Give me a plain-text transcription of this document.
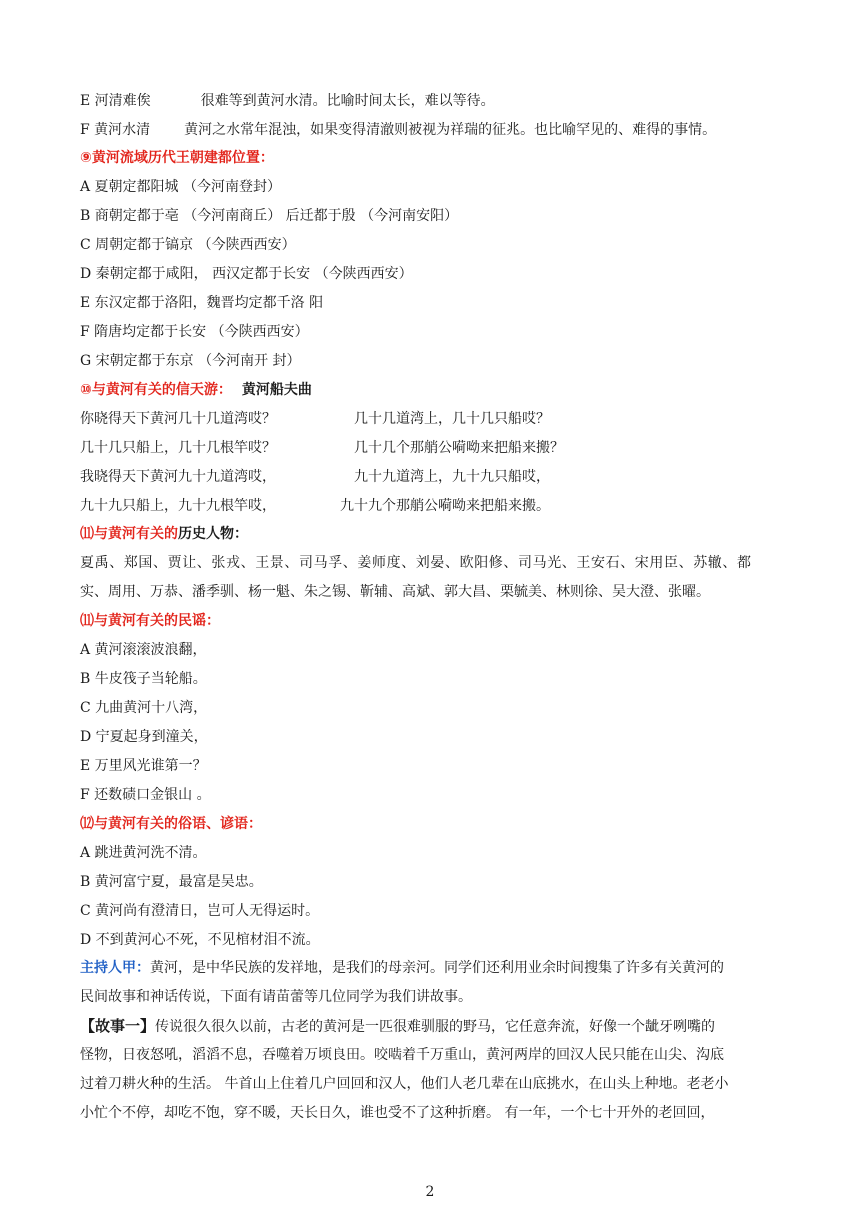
E 河清难俟	很难等到黄河水清。比喻时间太长，难以等待。
F 黄河水清 黄河之水常年混浊，如果变得清澈则被视为祥瑞的征兆。也比喻罕见的、难得的事情。
⑨黄河流域历代王朝建都位置：
A 夏朝定都阳城 （今河南登封）
B 商朝定都于亳 （今河南商丘） 后迁都于殷 （今河南安阳）
C 周朝定都于镐京 （今陕西西安）
D 秦朝定都于咸阳， 西汉定都于长安 （今陕西西安）
E 东汉定都于洛阳，魏晋均定都千洛 阳
F 隋唐均定都于长安 （今陕西西安）
G 宋朝定都于东京 （今河南开 封）
⑩与黄河有关的信天游： 黄河船夫曲
你晓得天下黄河几十几道湾哎？	几十几道湾上，几十几只船哎？
几十几只船上，几十几根竿哎？	几十几个那艄公嗬呦来把船来搬？
我晓得天下黄河九十九道湾哎，	九十九道湾上，九十九只船哎，
九十九只船上，九十九根竿哎，	九十九个那艄公嗬呦来把船来搬。
⑾与黄河有关的历史人物：
夏禹、郑国、贾让、张戎、王景、司马孚、姜师度、刘晏、欧阳修、司马光、王安石、宋用臣、苏辙、都
实、周用、万恭、潘季驯、杨一魁、朱之锡、靳辅、高斌、郭大昌、栗毓美、林则徐、吴大澄、张曜。
⑾与黄河有关的民谣：
A 黄河滚滚波浪翻，
B 牛皮筏子当轮船。
C 九曲黄河十八湾，
D 宁夏起身到潼关，
E 万里风光谁第一？
F 还数碛口金银山 。
⑿与黄河有关的俗语、谚语：
A 跳进黄河洗不清。
B 黄河富宁夏，最富是吴忠。
C 黄河尚有澄清日，岂可人无得运时。
D 不到黄河心不死，不见棺材泪不流。
主持人甲：黄河，是中华民族的发祥地，是我们的母亲河。同学们还利用业余时间搜集了许多有关黄河的
民间故事和神话传说，下面有请苗蕾等几位同学为我们讲故事。
【故事一】传说很久很久以前，古老的黄河是一匹很难驯服的野马，它任意奔流，好像一个龇牙咧嘴的
怪物，日夜怒吼，滔滔不息，吞噬着万顷良田。咬啮着千万重山，黄河两岸的回汉人民只能在山尖、沟底
过着刀耕火种的生活。 牛首山上住着几户回回和汉人，他们人老几辈在山底挑水，在山头上种地。老老小
小忙个不停，却吃不饱，穿不暖，天长日久，谁也受不了这种折磨。 有一年，一个七十开外的老回回，
2
